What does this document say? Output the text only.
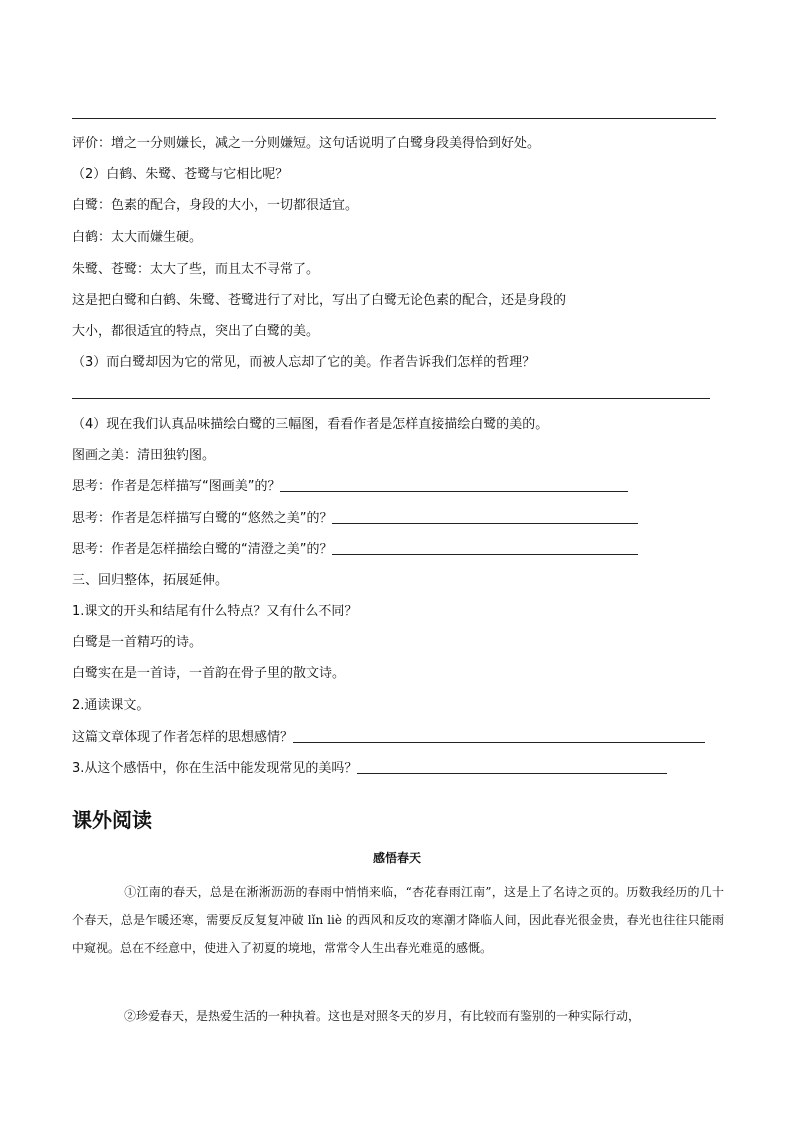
评价：增之一分则嫌长，减之一分则嫌短。这句话说明了白鹭身段美得恰到好处。
（2）白鹤、朱鹭、苍鹭与它相比呢？
白鹭：色素的配合，身段的大小，一切都很适宜。
白鹤：太大而嫌生硬。
朱鹭、苍鹭：太大了些，而且太不寻常了。
这是把白鹭和白鹤、朱鹭、苍鹭进行了对比，写出了白鹭无论色素的配合，还是身段的
大小，都很适宜的特点，突出了白鹭的美。
（3）而白鹭却因为它的常见，而被人忘却了它的美。作者告诉我们怎样的哲理？
（4）现在我们认真品味描绘白鹭的三幅图，看看作者是怎样直接描绘白鹭的美的。
图画之美：清田独钓图。
思考：作者是怎样描写“图画美”的？
思考：作者是怎样描写白鹭的“悠然之美”的？
思考：作者是怎样描绘白鹭的“清澄之美”的？
三、回归整体，拓展延伸。
1.课文的开头和结尾有什么特点？又有什么不同？
白鹭是一首精巧的诗。
白鹭实在是一首诗，一首韵在骨子里的散文诗。
2.通读课文。
这篇文章体现了作者怎样的思想感情？
3.从这个感悟中，你在生活中能发现常见的美吗？
课外阅读
感悟春天
①江南的春天，总是在淅淅沥沥的春雨中悄悄来临，“杏花春雨江南”，这是上了名诗之页的。历数我经历的几十个春天，总是乍暖还寒，需要反反复复冲破 lǐn liè 的西风和反攻的寒潮才降临人间，因此春光很金贵，春光也往往只能雨中窥视。总在不经意中，使进入了初夏的境地，常常令人生出春光难觅的感慨。
②珍爱春天，是热爱生活的一种执着。这也是对照冬天的岁月，有比较而有鉴别的一种实际行动，
